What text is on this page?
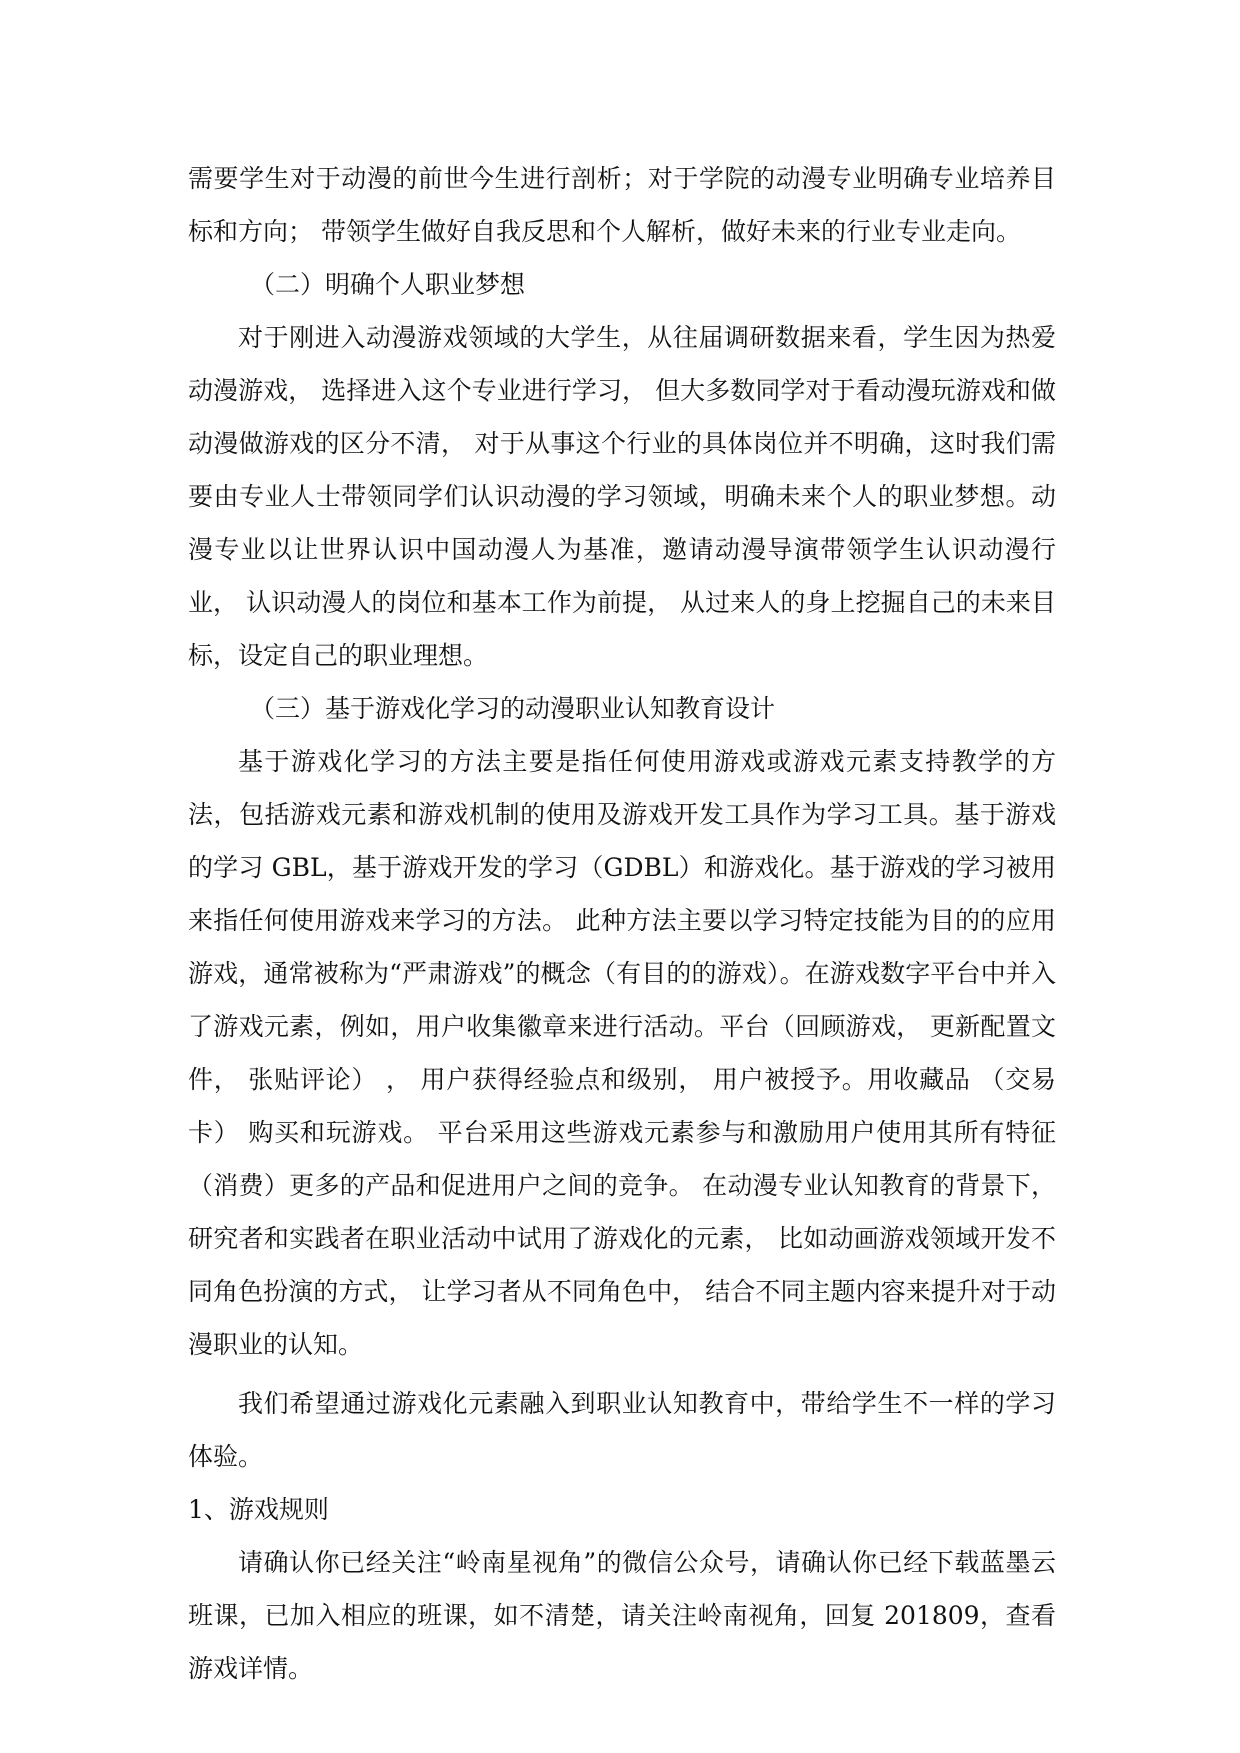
需要学生对于动漫的前世今生进行剖析；对于学院的动漫专业明确专业培养目标和方向； 带领学生做好自我反思和个人解析，做好未来的行业专业走向。

（二）明确个人职业梦想

对于刚进入动漫游戏领域的大学生，从往届调研数据来看，学生因为热爱动漫游戏， 选择进入这个专业进行学习， 但大多数同学对于看动漫玩游戏和做动漫做游戏的区分不清， 对于从事这个行业的具体岗位并不明确，这时我们需要由专业人士带领同学们认识动漫的学习领域，明确未来个人的职业梦想。动漫专业以让世界认识中国动漫人为基准，邀请动漫导演带领学生认识动漫行业， 认识动漫人的岗位和基本工作为前提， 从过来人的身上挖掘自己的未来目标，设定自己的职业理想。

（三）基于游戏化学习的动漫职业认知教育设计

基于游戏化学习的方法主要是指任何使用游戏或游戏元素支持教学的方法，包括游戏元素和游戏机制的使用及游戏开发工具作为学习工具。基于游戏的学习 GBL，基于游戏开发的学习（GDBL）和游戏化。基于游戏的学习被用来指任何使用游戏来学习的方法。 此种方法主要以学习特定技能为目的的应用游戏，通常被称为“严肃游戏”的概念（有目的的游戏）。在游戏数字平台中并入了游戏元素，例如，用户收集徽章来进行活动。平台（回顾游戏， 更新配置文件， 张贴评论） ， 用户获得经验点和级别， 用户被授予。用收藏品 （交易卡） 购买和玩游戏。 平台采用这些游戏元素参与和激励用户使用其所有特征 （消费）更多的产品和促进用户之间的竞争。 在动漫专业认知教育的背景下， 研究者和实践者在职业活动中试用了游戏化的元素， 比如动画游戏领域开发不同角色扮演的方式， 让学习者从不同角色中， 结合不同主题内容来提升对于动漫职业的认知。

我们希望通过游戏化元素融入到职业认知教育中，带给学生不一样的学习体验。

1、游戏规则

请确认你已经关注“岭南星视角”的微信公众号，请确认你已经下载蓝墨云班课，已加入相应的班课，如不清楚，请关注岭南视角，回复 201809，查看游戏详情。
